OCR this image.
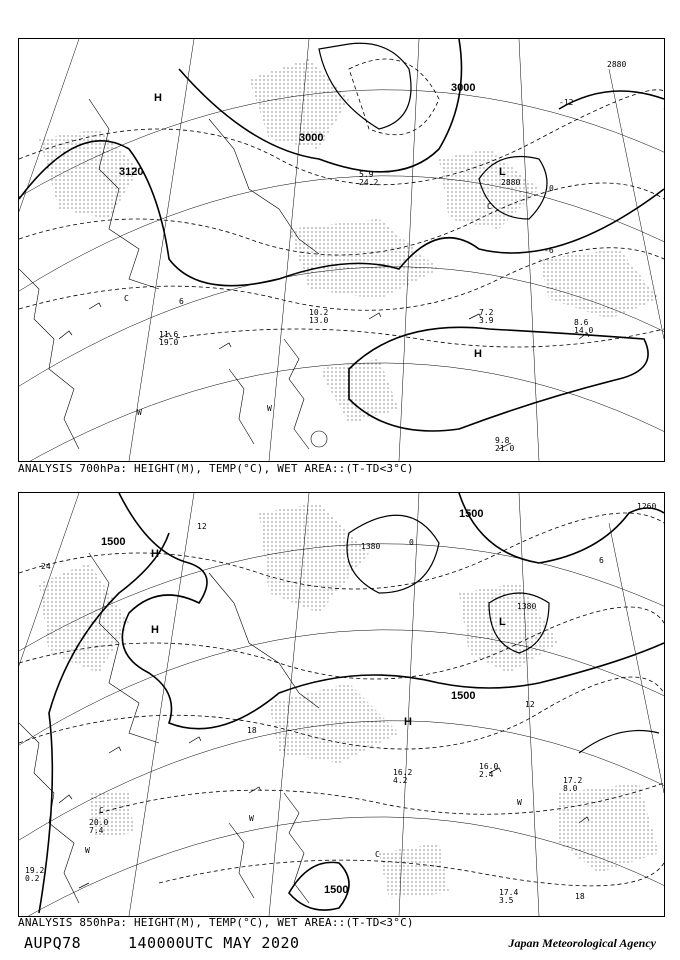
3120
3000
3000
2880
2880
0
-6
-12
6
H
H
L
C
C
W	W
5.9
24.2
10.2
13.0
7.2
3.9	8.6
14.0
9.8
21.0
11.6
19.0
ANALYSIS 700hPa: HEIGHT(M), TEMP(°C), WET AREA::(T-TD<3°C)
1500	1380
1380
1500
1500
1260
1500
12
24
18
6
0
12
18
H
H
H
L
C
C
W
W
W
16.2
4.2	17.2
8.0
17.4
3.5
20.0
7.4
19.2
0.2
16.0
2.4
ANALYSIS 850hPa: HEIGHT(M), TEMP(°C), WET AREA::(T-TD<3°C)
AUPQ78	140000UTC MAY 2020	Japan Meteorological Agency
